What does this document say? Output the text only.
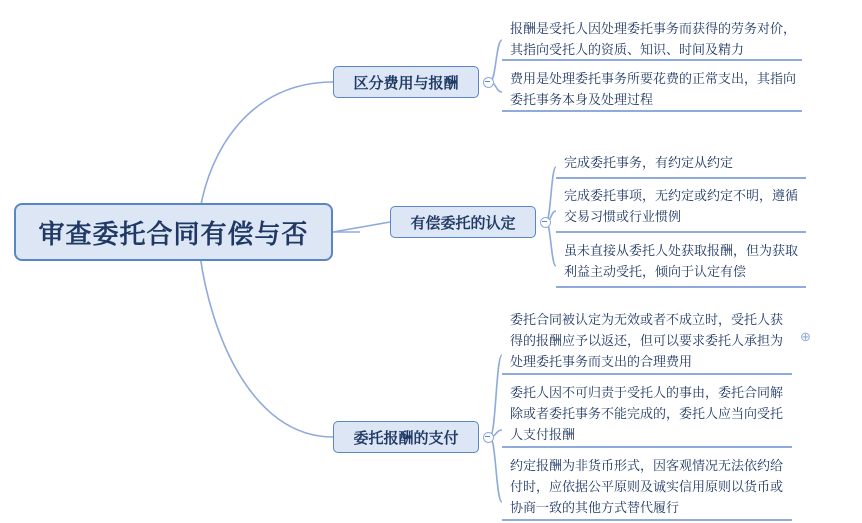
审查委托合同有偿与否
区分费用与报酬
报酬是受托人因处理委托事务而获得的劳务对价，其指向受托人的资质、知识、时间及精力
费用是处理委托事务所要花费的正常支出，其指向委托事务本身及处理过程
有偿委托的认定
完成委托事务，有约定从约定
完成委托事项，无约定或约定不明，遵循交易习惯或行业惯例
虽未直接从委托人处获取报酬，但为获取利益主动受托，倾向于认定有偿
委托报酬的支付
委托合同被认定为无效或者不成立时，受托人获得的报酬应予以返还，但可以要求委托人承担为处理委托事务而支出的合理费用
委托人因不可归责于受托人的事由，委托合同解除或者委托事务不能完成的，委托人应当向受托人支付报酬
约定报酬为非货币形式，因客观情况无法依约给付时，应依据公平原则及诚实信用原则以货币或协商一致的其他方式替代履行
⊕
